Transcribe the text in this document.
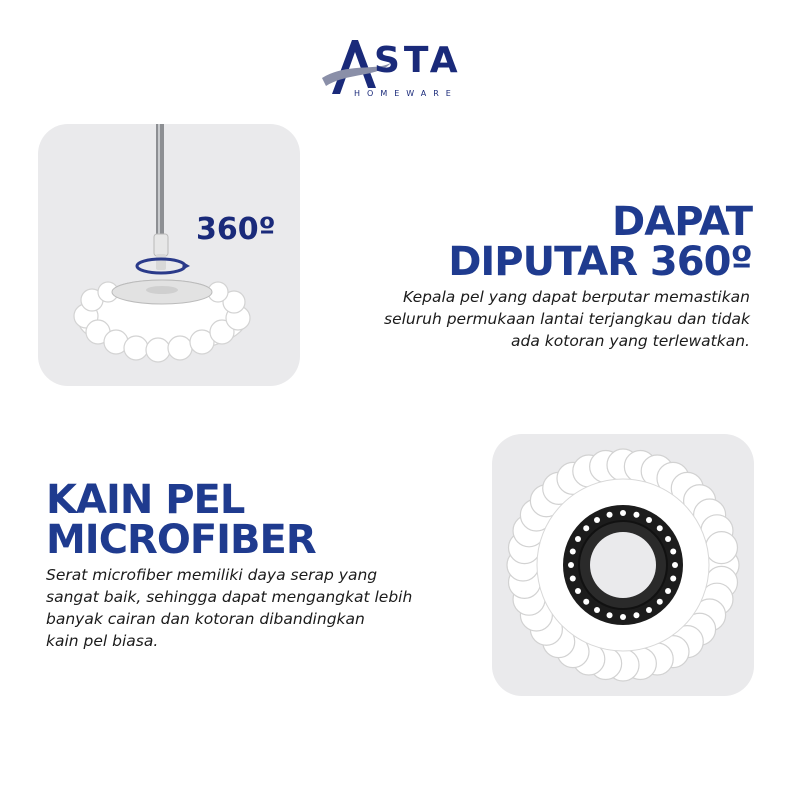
STA
HOMEWARE
360º	DAPAT
DIPUTAR 360º
Kepala pel yang dapat berputar memastikan
seluruh permukaan lantai terjangkau dan tidak
ada kotoran yang terlewatkan.
KAIN PEL
MICROFIBER
Serat microfiber memiliki daya serap yang
sangat baik, sehingga dapat mengangkat lebih
banyak cairan dan kotoran dibandingkan
kain pel biasa.
